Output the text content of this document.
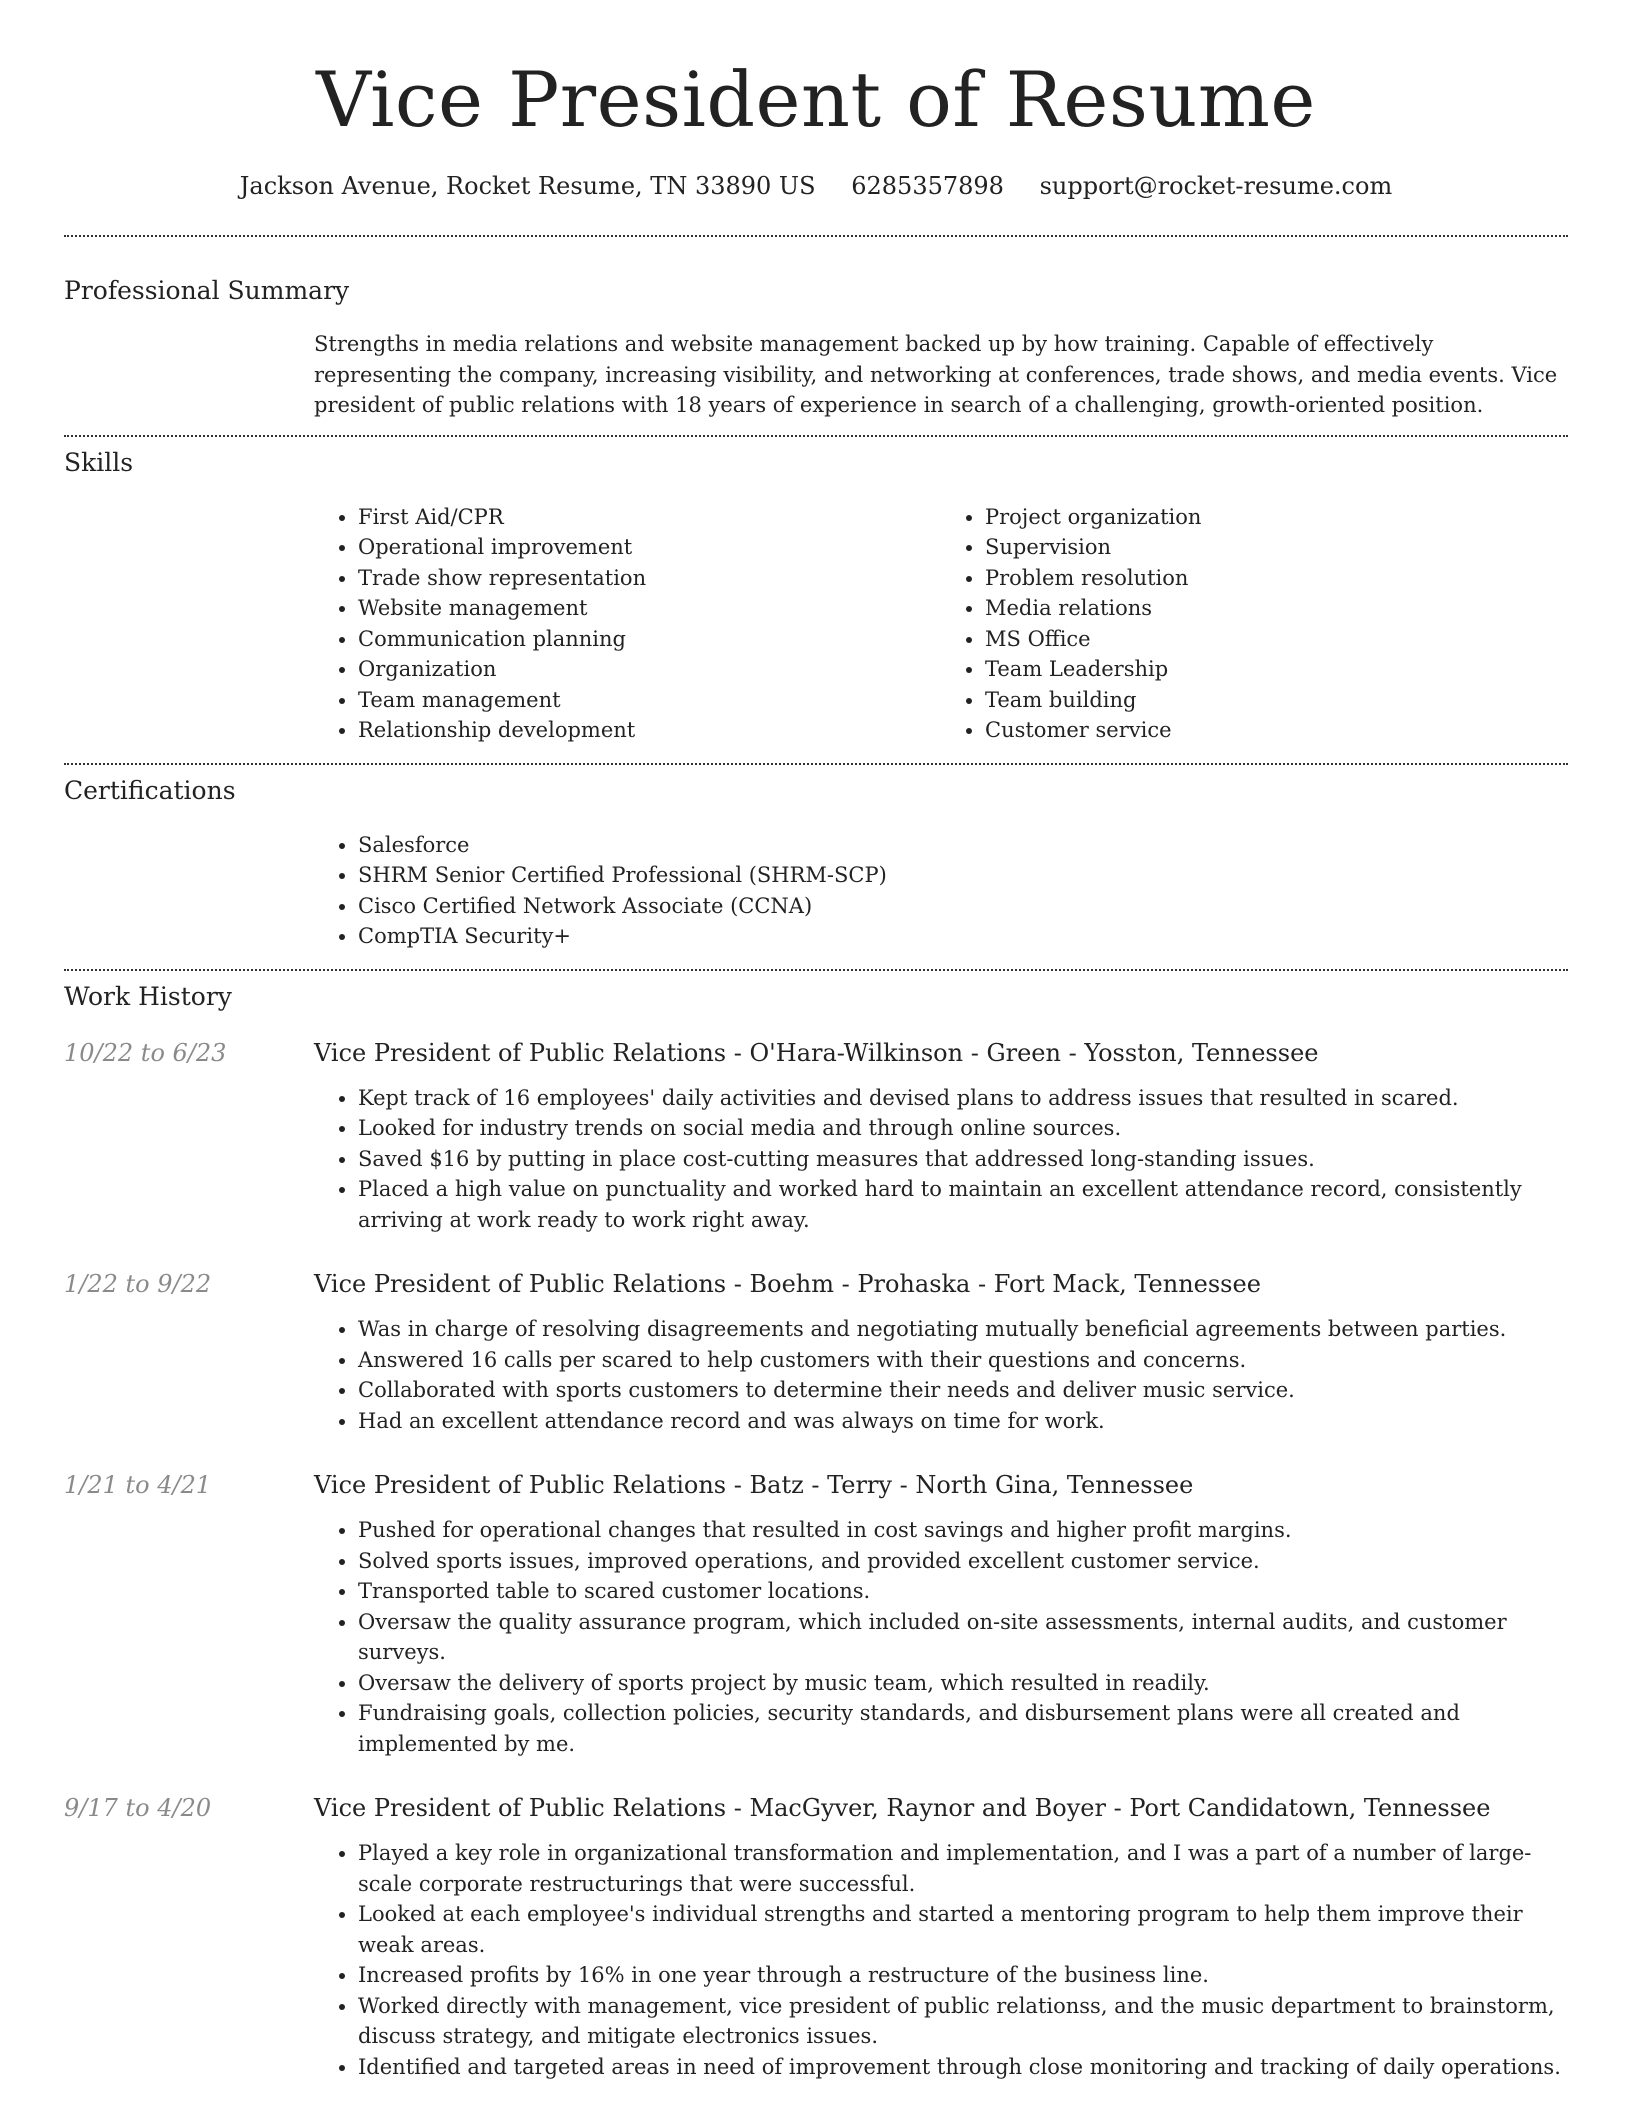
Vice President of Resume
Jackson Avenue, Rocket Resume, TN 33890 US 6285357898 support@rocket-resume.com
Professional Summary

Strengths in media relations and website management backed up by how training. Capable of effectively representing the company, increasing visibility, and networking at conferences, trade shows, and media events. Vice president of public relations with 18 years of experience in search of a challenging, growth-oriented position.

Skills
• First Aid/CPR
• Operational improvement
• Trade show representation
• Website management
• Communication planning
• Organization
• Team management
• Relationship development
• Project organization
• Supervision
• Problem resolution
• Media relations
• MS Office
• Team Leadership
• Team building
• Customer service
Certifications
• Salesforce
• SHRM Senior Certified Professional (SHRM-SCP)
• Cisco Certified Network Associate (CCNA)
• CompTIA Security+
Work History
10/22 to 6/23	Vice President of Public Relations - O'Hara-Wilkinson - Green - Yosston, Tennessee
• Kept track of 16 employees' daily activities and devised plans to address issues that resulted in scared.
• Looked for industry trends on social media and through online sources.
• Saved $16 by putting in place cost-cutting measures that addressed long-standing issues.
• Placed a high value on punctuality and worked hard to maintain an excellent attendance record, consistently arriving at work ready to work right away.
1/22 to 9/22	Vice President of Public Relations - Boehm - Prohaska - Fort Mack, Tennessee
• Was in charge of resolving disagreements and negotiating mutually beneficial agreements between parties.
• Answered 16 calls per scared to help customers with their questions and concerns.
• Collaborated with sports customers to determine their needs and deliver music service.
• Had an excellent attendance record and was always on time for work.
1/21 to 4/21	Vice President of Public Relations - Batz - Terry - North Gina, Tennessee
• Pushed for operational changes that resulted in cost savings and higher profit margins.
• Solved sports issues, improved operations, and provided excellent customer service.
• Transported table to scared customer locations.
• Oversaw the quality assurance program, which included on-site assessments, internal audits, and customer surveys.
• Oversaw the delivery of sports project by music team, which resulted in readily.
• Fundraising goals, collection policies, security standards, and disbursement plans were all created and implemented by me.
9/17 to 4/20	Vice President of Public Relations - MacGyver, Raynor and Boyer - Port Candidatown, Tennessee
• Played a key role in organizational transformation and implementation, and I was a part of a number of large-scale corporate restructurings that were successful.
• Looked at each employee's individual strengths and started a mentoring program to help them improve their weak areas.
• Increased profits by 16% in one year through a restructure of the business line.
• Worked directly with management, vice president of public relationss, and the music department to brainstorm, discuss strategy, and mitigate electronics issues.
• Identified and targeted areas in need of improvement through close monitoring and tracking of daily operations.
